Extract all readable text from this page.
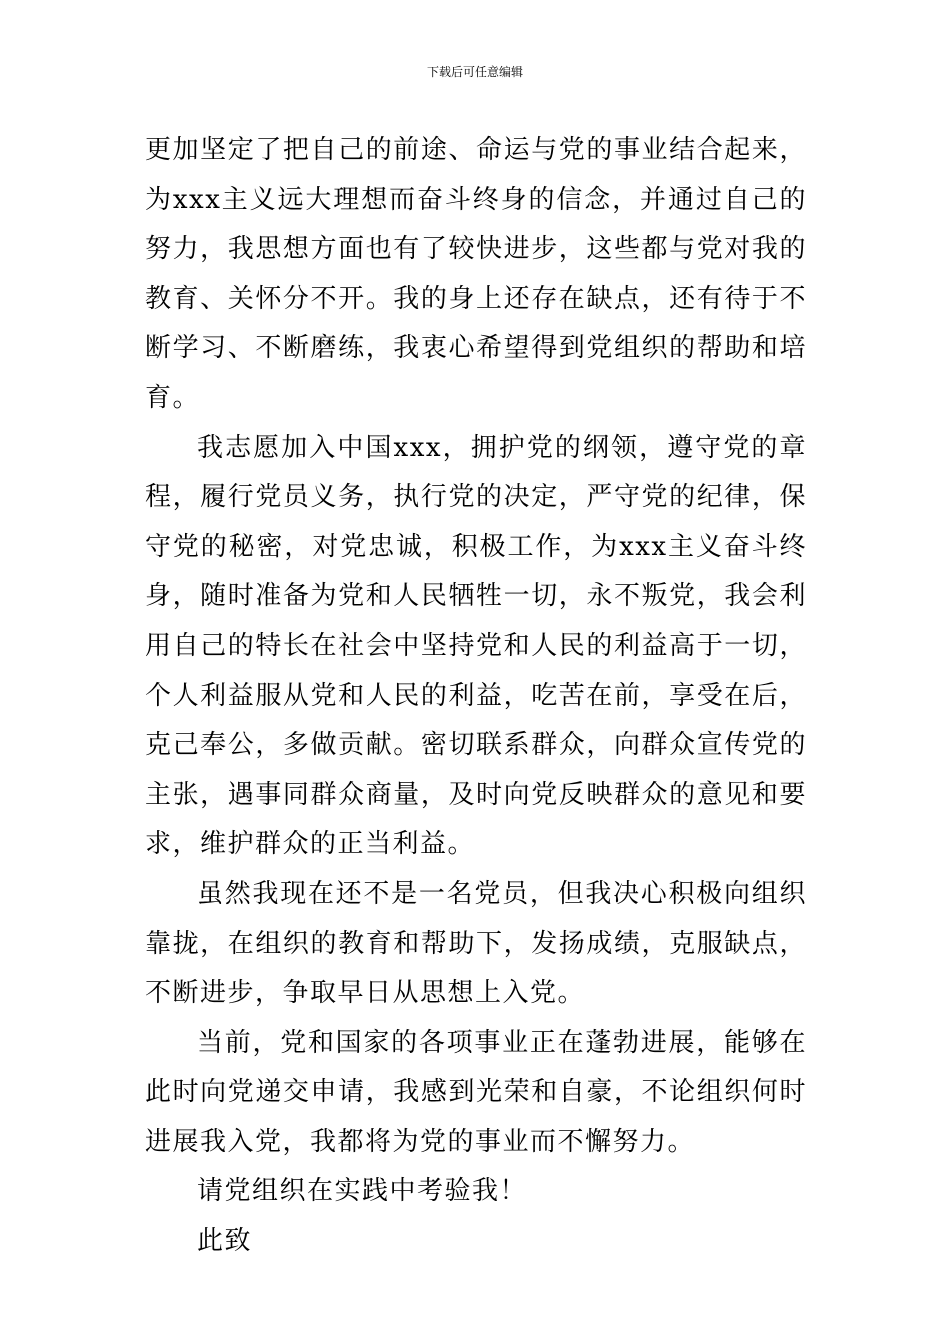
下载后可任意编辑

更加坚定了把自己的前途、命运与党的事业结合起来，为xxx主义远大理想而奋斗终身的信念，并通过自己的努力，我思想方面也有了较快进步，这些都与党对我的教育、关怀分不开。我的身上还存在缺点，还有待于不断学习、不断磨练，我衷心希望得到党组织的帮助和培育。

我志愿加入中国xxx，拥护党的纲领，遵守党的章程，履行党员义务，执行党的决定，严守党的纪律，保守党的秘密，对党忠诚，积极工作，为xxx主义奋斗终身，随时准备为党和人民牺牲一切，永不叛党，我会利用自己的特长在社会中坚持党和人民的利益高于一切，个人利益服从党和人民的利益，吃苦在前，享受在后，克己奉公，多做贡献。密切联系群众，向群众宣传党的主张，遇事同群众商量，及时向党反映群众的意见和要求，维护群众的正当利益。

虽然我现在还不是一名党员，但我决心积极向组织靠拢，在组织的教育和帮助下，发扬成绩，克服缺点，不断进步，争取早日从思想上入党。

当前，党和国家的各项事业正在蓬勃进展，能够在此时向党递交申请，我感到光荣和自豪，不论组织何时进展我入党，我都将为党的事业而不懈努力。

请党组织在实践中考验我！

此致
